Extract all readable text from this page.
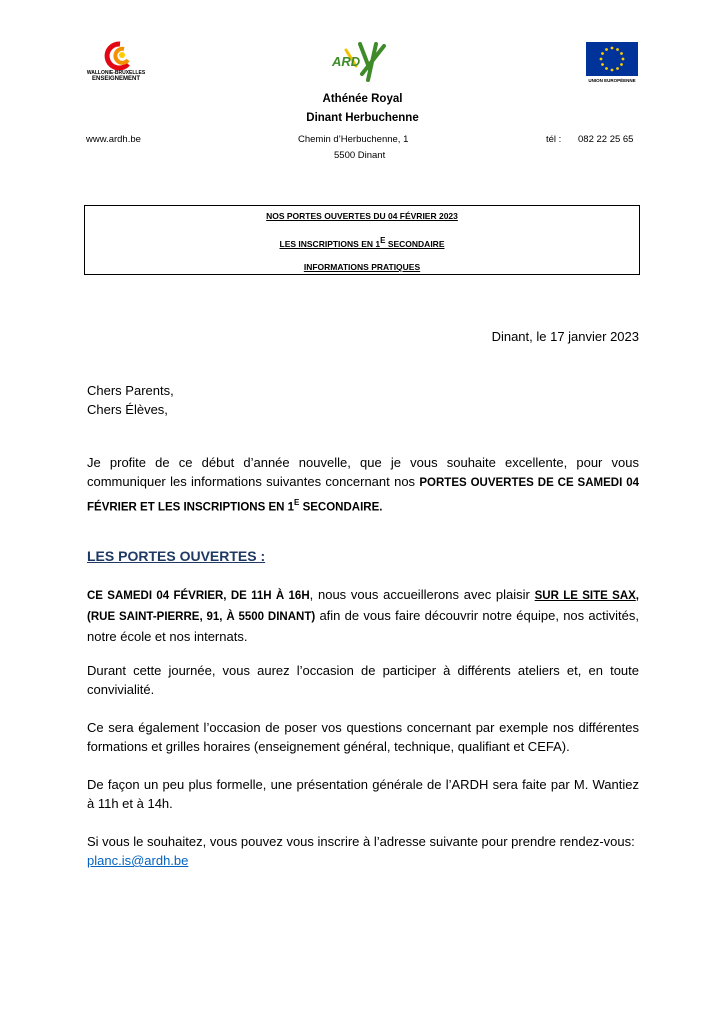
WALLONIE-BRUXELLES
ENSEIGNEMENT
ARD
UNION EUROPÉENNE
Athénée Royal
Dinant Herbuchenne
www.ardh.be	Chemin d’Herbuchenne, 1	tél : 082 22 25 65
5500 Dinant
NOS PORTES OUVERTES DU 04 FÉVRIER 2023
LES INSCRIPTIONS EN $1^E$ SECONDAIRE
INFORMATIONS PRATIQUES
Dinant, le 17 janvier 2023
Chers Parents,
Chers Élèves,
Je profite de ce début d’année nouvelle, que je vous souhaite excellente, pour vous communiquer les informations suivantes concernant nos PORTES OUVERTES DE CE SAMEDI 04 FÉVRIER ET LES INSCRIPTIONS EN $1^E$ SECONDAIRE.
LES PORTES OUVERTES :
CE SAMEDI 04 FÉVRIER, DE 11H À 16H, nous vous accueillerons avec plaisir SUR LE SITE SAX, (RUE SAINT-PIERRE, 91, À 5500 DINANT) afin de vous faire découvrir notre équipe, nos activités, notre école et nos internats.
Durant cette journée, vous aurez l’occasion de participer à différents ateliers et, en toute convivialité.
Ce sera également l’occasion de poser vos questions concernant par exemple nos différentes formations et grilles horaires (enseignement général, technique, qualifiant et CEFA).
De façon un peu plus formelle, une présentation générale de l’ARDH sera faite par M. Wantiez à 11h et à 14h.
Si vous le souhaitez, vous pouvez vous inscrire à l’adresse suivante pour prendre rendez-vous:
planc.is@ardh.be
